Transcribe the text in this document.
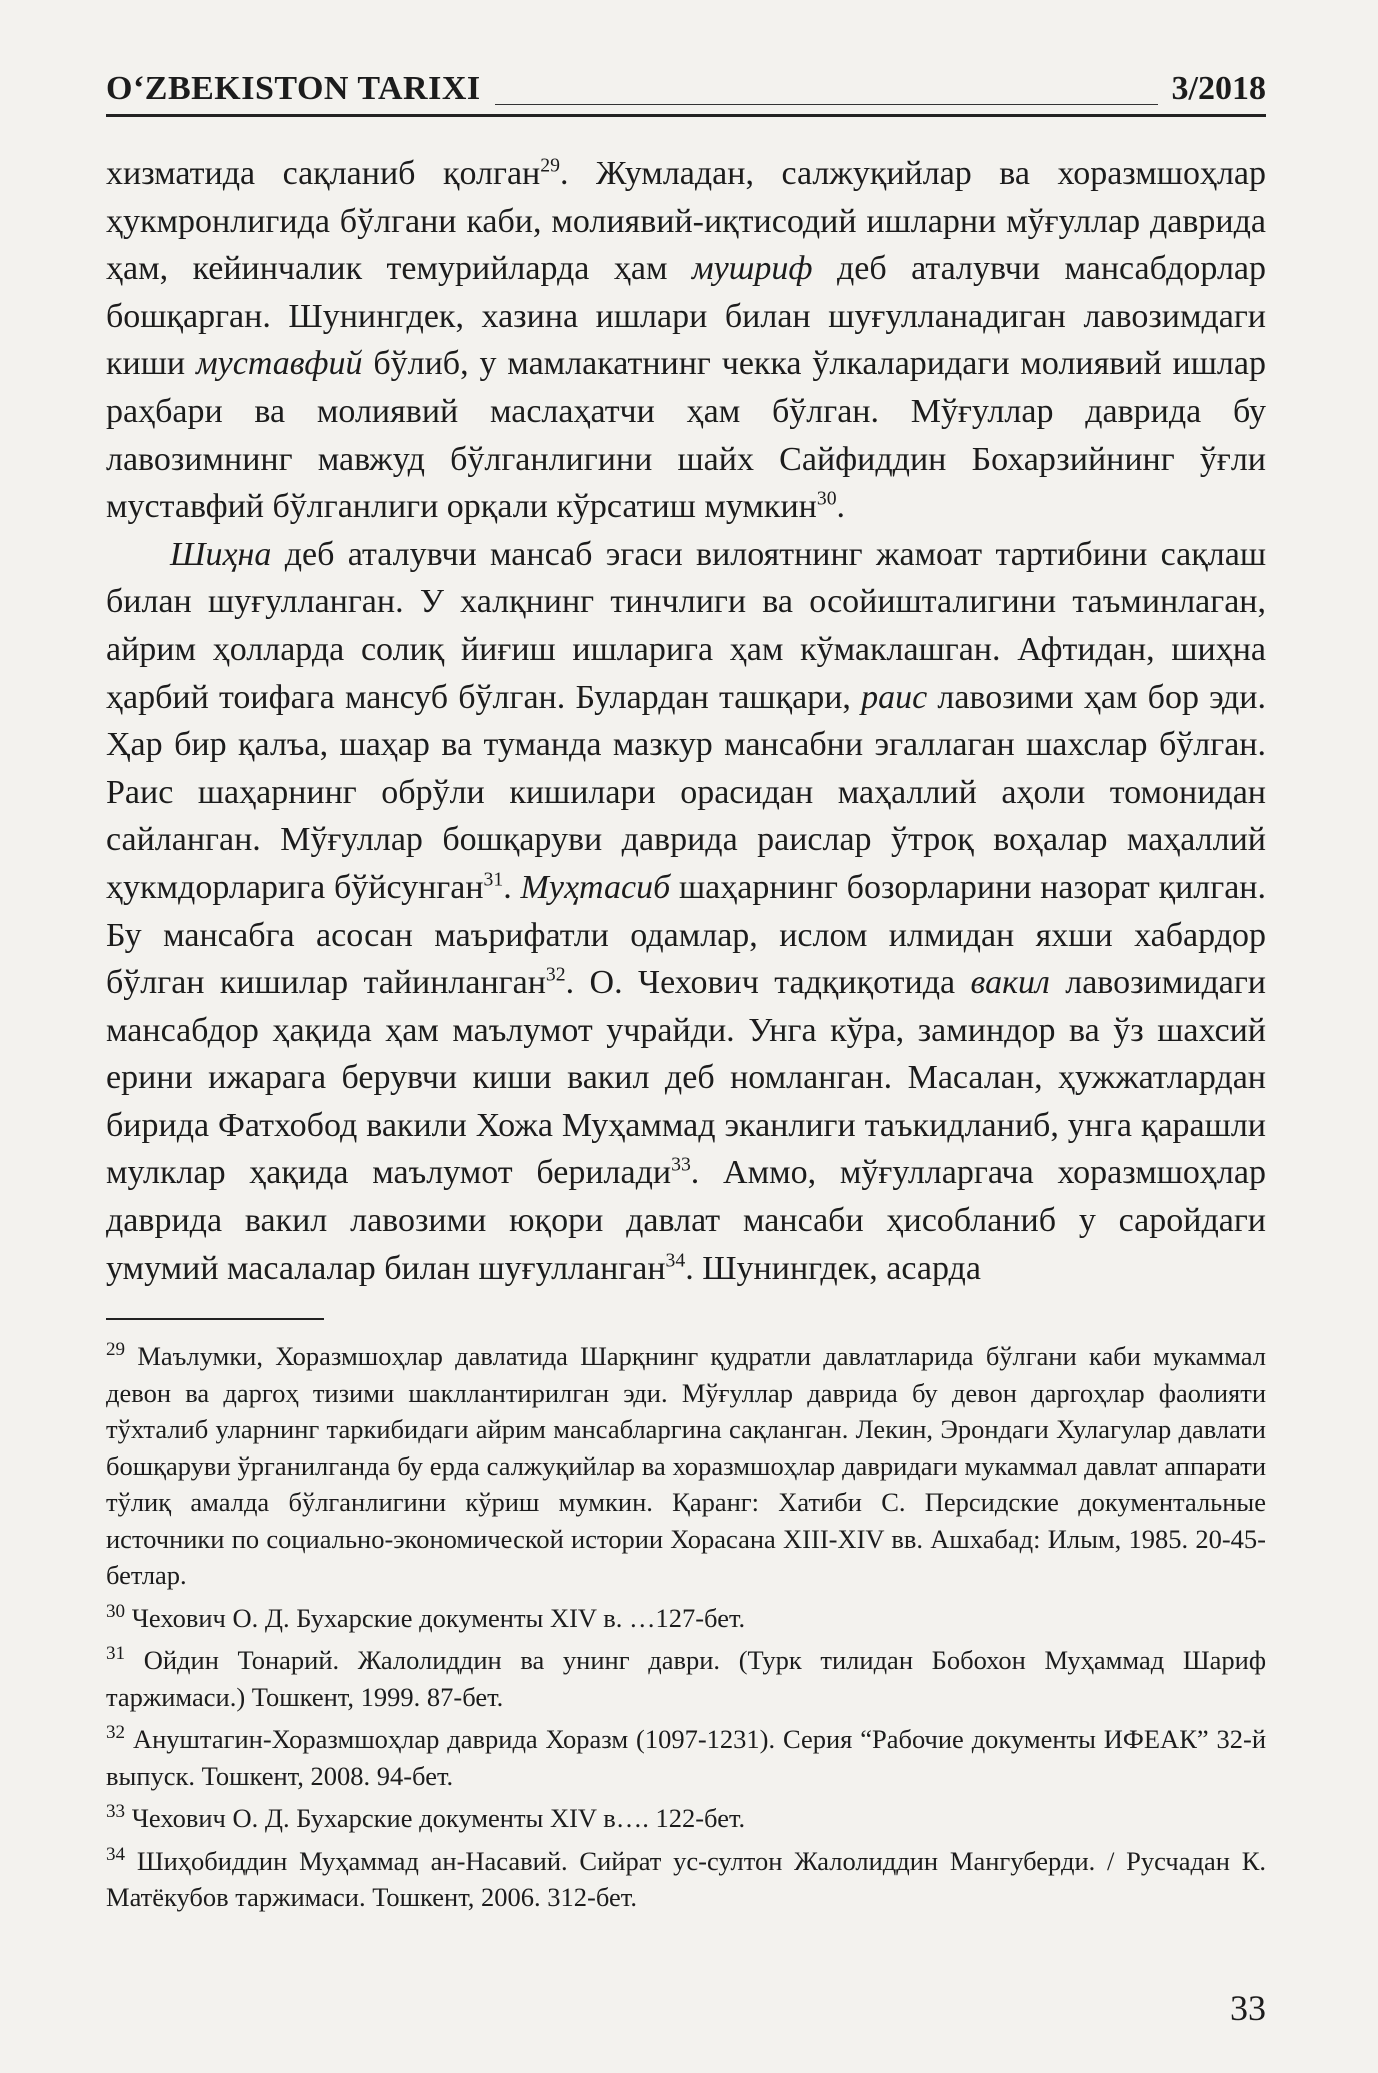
O‘ZBEKISTON TARIXI	3/2018

хизматида сақланиб қолган$^{29}$. Жумладан, салжуқийлар ва хоразмшоҳлар ҳукмронлигида бўлгани каби, молиявий-иқтисодий ишларни мўғуллар даврида ҳам, кейинчалик темурийларда ҳам мушриф деб аталувчи мансабдорлар бошқарган. Шунингдек, хазина ишлари билан шуғулланадиган лавозимдаги киши муставфий бўлиб, у мамлакатнинг чекка ўлкаларидаги молиявий ишлар раҳбари ва молиявий маслаҳатчи ҳам бўлган. Мўғуллар даврида бу лавозимнинг мавжуд бўлганлигини шайх Сайфиддин Бохарзийнинг ўғли муставфий бўлганлиги орқали кўрсатиш мумкин$^{30}$.

Шиҳна деб аталувчи мансаб эгаси вилоятнинг жамоат тартибини сақлаш билан шуғулланган. У халқнинг тинчлиги ва осойишталигини таъминлаган, айрим ҳолларда солиқ йиғиш ишларига ҳам кўмаклашган. Афтидан, шиҳна ҳарбий тоифага мансуб бўлган. Булардан ташқари, раис лавозими ҳам бор эди. Ҳар бир қалъа, шаҳар ва туманда мазкур мансабни эгаллаган шахслар бўлган. Раис шаҳарнинг обрўли кишилари орасидан маҳаллий аҳоли томонидан сайланган. Мўғуллар бошқаруви даврида раислар ўтроқ воҳалар маҳаллий ҳукмдорларига бўйсунган$^{31}$. Муҳтасиб шаҳарнинг бозорларини назорат қилган. Бу мансабга асосан маърифатли одамлар, ислом илмидан яхши хабардор бўлган кишилар тайинланган$^{32}$. О. Чехович тадқиқотида вакил лавозимидаги мансабдор ҳақида ҳам маълумот учрайди. Унга кўра, заминдор ва ўз шахсий ерини ижарага берувчи киши вакил деб номланган. Масалан, ҳужжатлардан бирида Фатхобод вакили Хожа Муҳаммад эканлиги таъкидланиб, унга қарашли мулклар ҳақида маълумот берилади$^{33}$. Аммо, мўғулларгача хоразмшоҳлар даврида вакил лавозими юқори давлат мансаби ҳисобланиб у саройдаги умумий масалалар билан шуғулланган$^{34}$. Шунингдек, асарда

$^{29}$ Маълумки, Хоразмшоҳлар давлатида Шарқнинг қудратли давлатларида бўлгани каби мукаммал девон ва даргоҳ тизими шакллантирилган эди. Мўғуллар даврида бу девон даргоҳлар фаолияти тўхталиб уларнинг таркибидаги айрим мансабларгина сақланган. Лекин, Эрондаги Хулагулар давлати бошқаруви ўрганилганда бу ерда салжуқийлар ва хоразмшоҳлар давридаги мукаммал давлат аппарати тўлиқ амалда бўлганлигини кўриш мумкин. Қаранг: Хатиби С. Персидские документальные источники по социально-экономической истории Хорасана XIII-XIV вв. Ашхабад: Илым, 1985. 20-45-бетлар.

$^{30}$ Чехович О. Д. Бухарские документы XIV в. …127-бет.

$^{31}$ Ойдин Тонарий. Жалолиддин ва унинг даври. (Турк тилидан Бобохон Муҳаммад Шариф таржимаси.) Тошкент, 1999. 87-бет.

$^{32}$ Ануштагин-Хоразмшоҳлар даврида Хоразм (1097-1231). Серия “Рабочие документы ИФЕАК” 32-й выпуск. Тошкент, 2008. 94-бет.

$^{33}$ Чехович О. Д. Бухарские документы XIV в…. 122-бет.

$^{34}$ Шиҳобиддин Муҳаммад ан-Насавий. Сийрат ус-султон Жалолиддин Мангуберди. / Русчадан К. Матёкубов таржимаси. Тошкент, 2006. 312-бет.

33
